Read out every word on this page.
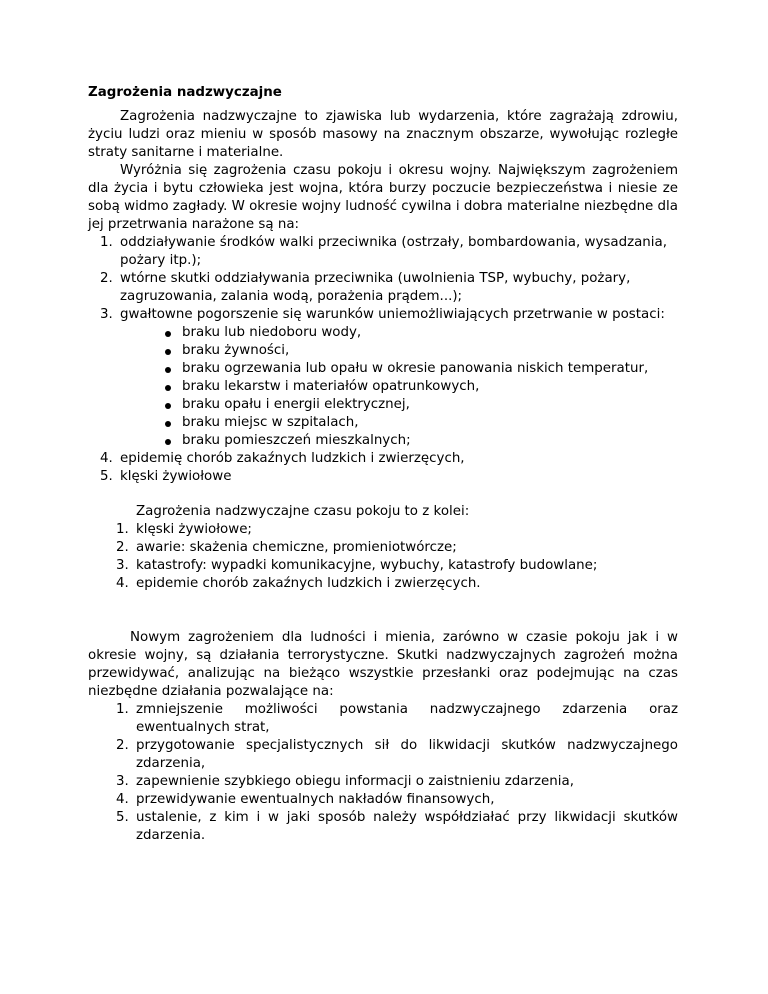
Zagrożenia nadzwyczajne

Zagrożenia nadzwyczajne to zjawiska lub wydarzenia, które zagrażają zdrowiu, życiu ludzi oraz mieniu w sposób masowy na znacznym obszarze, wywołując rozległe straty sanitarne i materialne.

Wyróżnia się zagrożenia czasu pokoju i okresu wojny. Największym zagrożeniem dla życia i bytu człowieka jest wojna, która burzy poczucie bezpieczeństwa i niesie ze sobą widmo zagłady. W okresie wojny ludność cywilna i dobra materialne niezbędne dla jej przetrwania narażone są na:

1. oddziaływanie środków walki przeciwnika (ostrzały, bombardowania, wysadzania, pożary itp.);
2. wtórne skutki oddziaływania przeciwnika (uwolnienia TSP, wybuchy, pożary, zagruzowania, zalania wodą, porażenia prądem...);
3. gwałtowne pogorszenie się warunków uniemożliwiających przetrwanie w postaci:
braku lub niedoboru wody,
braku żywności,
braku ogrzewania lub opału w okresie panowania niskich temperatur,
braku lekarstw i materiałów opatrunkowych,
braku opału i energii elektrycznej,
braku miejsc w szpitalach,
braku pomieszczeń mieszkalnych;
4. epidemię chorób zakaźnych ludzkich i zwierzęcych,
5. klęski żywiołowe

Zagrożenia nadzwyczajne czasu pokoju to z kolei:

1. klęski żywiołowe;
2. awarie: skażenia chemiczne, promieniotwórcze;
3. katastrofy: wypadki komunikacyjne, wybuchy, katastrofy budowlane;
4. epidemie chorób zakaźnych ludzkich i zwierzęcych.

Nowym zagrożeniem dla ludności i mienia, zarówno w czasie pokoju jak i w okresie wojny, są działania terrorystyczne. Skutki nadzwyczajnych zagrożeń można przewidywać, analizując na bieżąco wszystkie przesłanki oraz podejmując na czas niezbędne działania pozwalające na:

1. zmniejszenie możliwości powstania nadzwyczajnego zdarzenia oraz ewentualnych strat,
2. przygotowanie specjalistycznych sił do likwidacji skutków nadzwyczajnego zdarzenia,
3. zapewnienie szybkiego obiegu informacji o zaistnieniu zdarzenia,
4. przewidywanie ewentualnych nakładów finansowych,
5. ustalenie, z kim i w jaki sposób należy współdziałać przy likwidacji skutków zdarzenia.
